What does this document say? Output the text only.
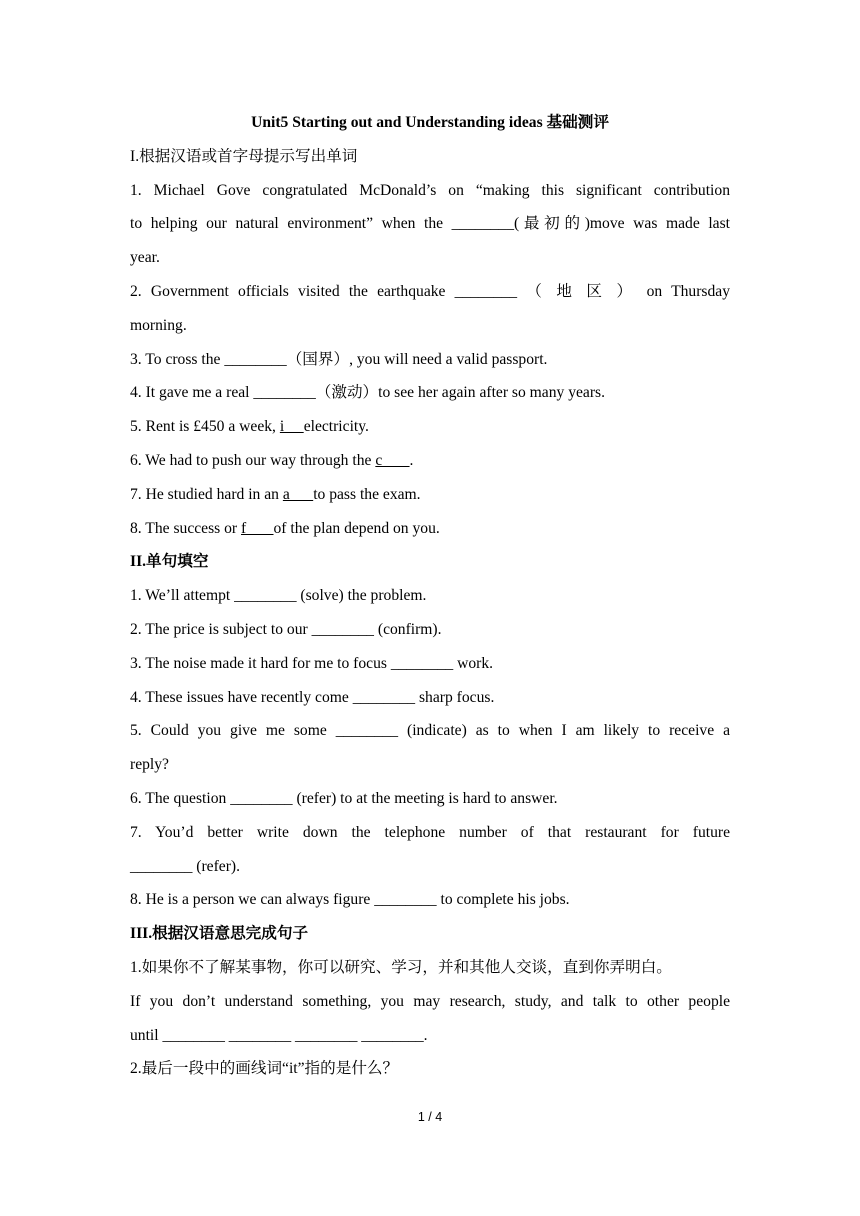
Unit5 Starting out and Understanding ideas 基础测评

I.根据汉语或首字母提示写出单词

1. Michael Gove congratulated McDonald’s on “making this significant contribution

to helping our natural environment” when the ________(最初的)move was made last

year.

2. Government officials visited the earthquake ________ （ 地 区 ） on Thursday

morning.

3. To cross the ________（国界）, you will need a valid passport.

4. It gave me a real ________（激动）to see her again after so many years.

5. Rent is £450 a week, i     electricity.

6. We had to push our way through the c       .

7. He studied hard in an a      to pass the exam.

8. The success or f       of the plan depend on you.

II.单句填空

1. We’ll attempt ________ (solve) the problem.

2. The price is subject to our ________ (confirm).

3. The noise made it hard for me to focus ________ work.

4. These issues have recently come ________ sharp focus.

5. Could you give me some ________ (indicate) as to when I am likely to receive a

reply?

6. The question ________ (refer) to at the meeting is hard to answer.

7. You’d better write down the telephone number of that restaurant for future

________ (refer).

8. He is a person we can always figure ________ to complete his jobs.

III.根据汉语意思完成句子

1.如果你不了解某事物，你可以研究、学习，并和其他人交谈，直到你弄明白。

If you don’t understand something, you may research, study, and talk to other people

until ________ ________ ________ ________.

2.最后一段中的画线词“it”指的是什么？

1 / 4
